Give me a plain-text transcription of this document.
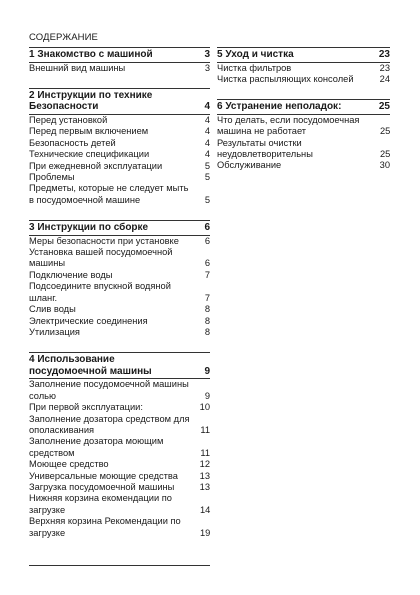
СОДЕРЖАНИЕ
1 Знакомство с машиной	3
Внешний вид машины	3
2 Инструкции по технике Безопасности	4
Перед установкой	4
Перед первым включением	4
Безопасность детей	4
Технические спецификации	4
При ежедневной эксплуатации	5
Проблемы	5
Предметы, которые не следует мыть в посудомоечной машине	5
3 Инструкции по сборке	6
Меры безопасности при установке	6
Установка вашей посудомоечной машины	6
Подключение воды	7
Подсоедините впускной водяной шланг.	7
Слив воды	8
Электрические соединения	8
Утилизация	8
4 Использование посудомоечной машины	9
Заполнение посудомоечной машины солью	9
При первой эксплуатации:	10
Заполнение дозатора средством для ополаскивания	11
Заполнение дозатора моющим средством	11
Моющее средство	12
Универсальные моющие средства	13
Загрузка посудомоечной машины	13
Нижняя корзина екомендации по загрузке	14
Верхняя корзина Рекомендации по загрузке	19
5 Уход и чистка	23
Чистка фильтров	23
Чистка распыляющих консолей	24
6 Устранение неполадок:	25
Что делать, если посудомоечная машина не работает	25
Результаты очистки неудовлетворительны	25
Обслуживание	30
